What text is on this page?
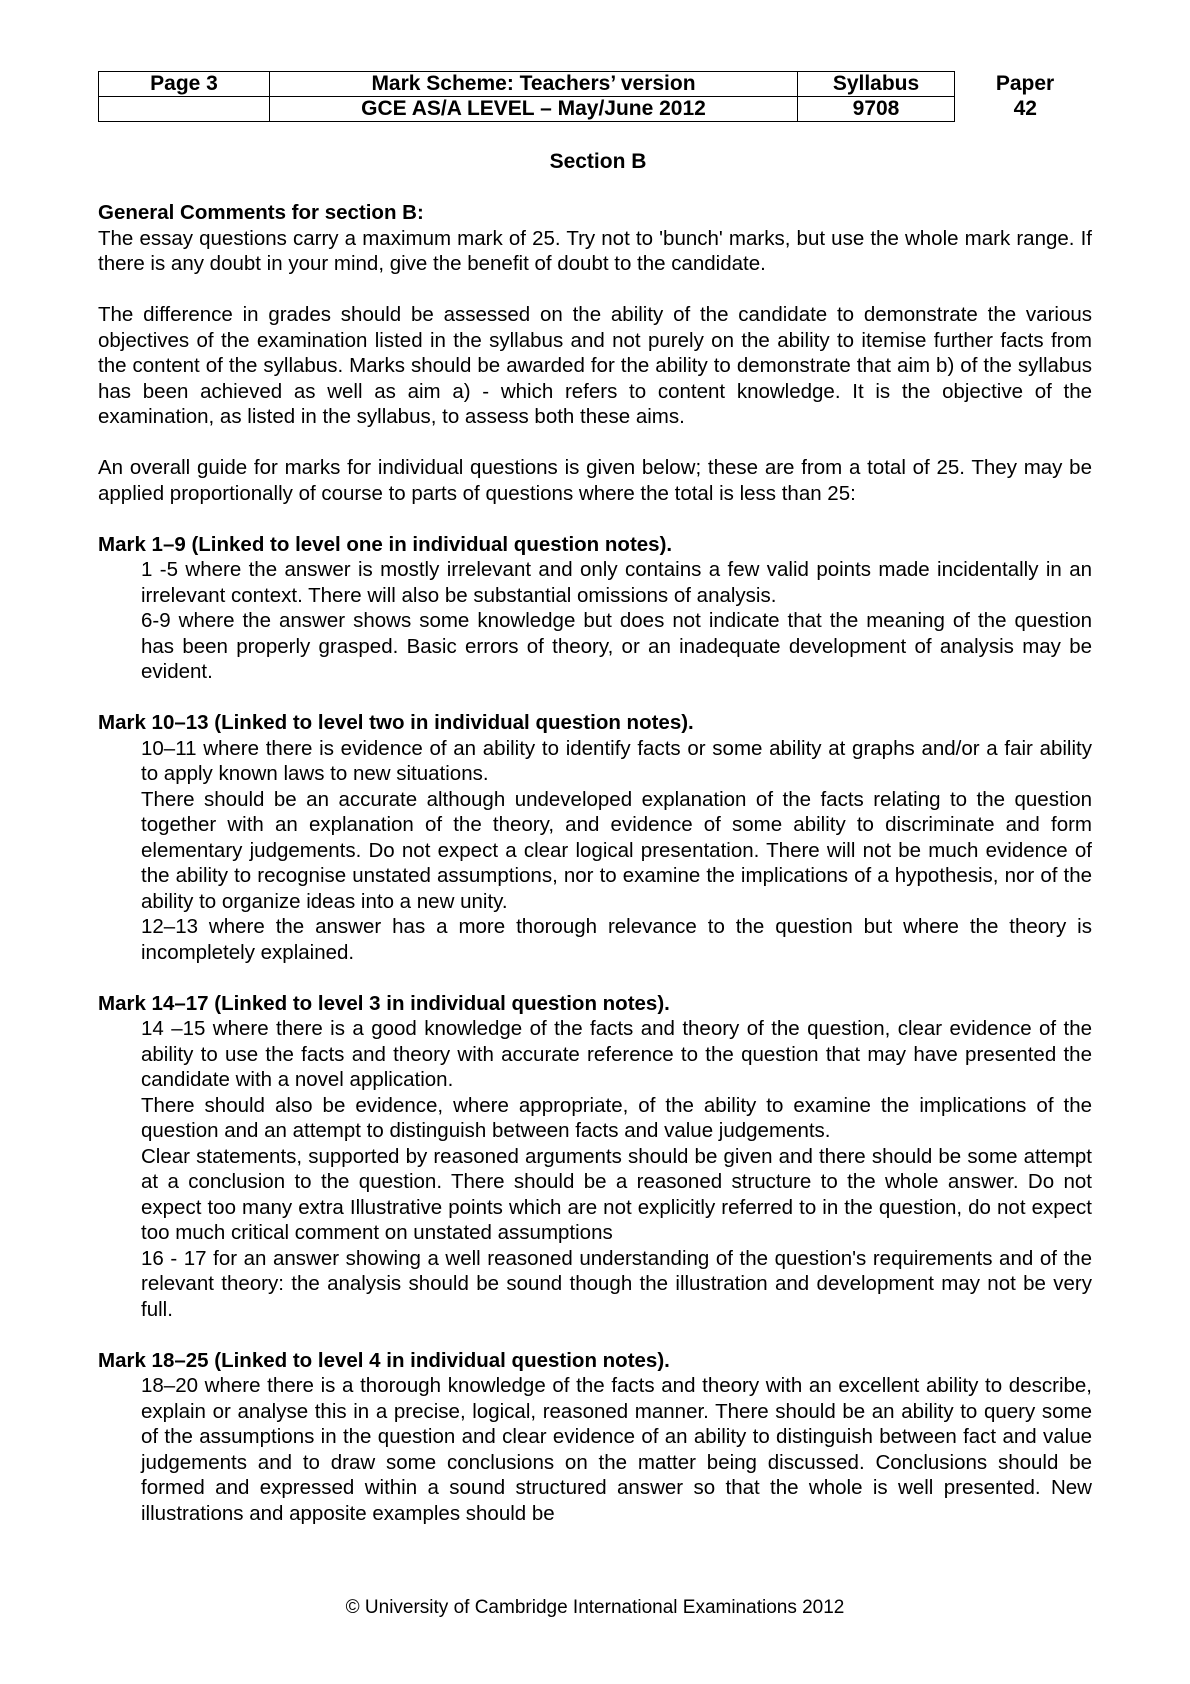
Page 3	Mark Scheme: Teachers’ version	Syllabus	Paper
	GCE AS/A LEVEL – May/June 2012	9708	42
Section B

General Comments for section B:

The essay questions carry a maximum mark of 25. Try not to 'bunch' marks, but use the whole mark range. If there is any doubt in your mind, give the benefit of doubt to the candidate.

The difference in grades should be assessed on the ability of the candidate to demonstrate the various objectives of the examination listed in the syllabus and not purely on the ability to itemise further facts from the content of the syllabus. Marks should be awarded for the ability to demonstrate that aim b) of the syllabus has been achieved as well as aim a) - which refers to content knowledge. It is the objective of the examination, as listed in the syllabus, to assess both these aims.

An overall guide for marks for individual questions is given below; these are from a total of 25. They may be applied proportionally of course to parts of questions where the total is less than 25:

Mark 1–9 (Linked to level one in individual question notes).

1 -5 where the answer is mostly irrelevant and only contains a few valid points made incidentally in an irrelevant context. There will also be substantial omissions of analysis.

6-9 where the answer shows some knowledge but does not indicate that the meaning of the question has been properly grasped. Basic errors of theory, or an inadequate development of analysis may be evident.

Mark 10–13 (Linked to level two in individual question notes).

10–11 where there is evidence of an ability to identify facts or some ability at graphs and/or a fair ability to apply known laws to new situations.

There should be an accurate although undeveloped explanation of the facts relating to the question together with an explanation of the theory, and evidence of some ability to discriminate and form elementary judgements. Do not expect a clear logical presentation. There will not be much evidence of the ability to recognise unstated assumptions, nor to examine the implications of a hypothesis, nor of the ability to organize ideas into a new unity.

12–13 where the answer has a more thorough relevance to the question but where the theory is incompletely explained.

Mark 14–17 (Linked to level 3 in individual question notes).

14 –15 where there is a good knowledge of the facts and theory of the question, clear evidence of the ability to use the facts and theory with accurate reference to the question that may have presented the candidate with a novel application.

There should also be evidence, where appropriate, of the ability to examine the implications of the question and an attempt to distinguish between facts and value judgements.

Clear statements, supported by reasoned arguments should be given and there should be some attempt at a conclusion to the question. There should be a reasoned structure to the whole answer. Do not expect too many extra Illustrative points which are not explicitly referred to in the question, do not expect too much critical comment on unstated assumptions

16 - 17 for an answer showing a well reasoned understanding of the question's requirements and of the relevant theory: the analysis should be sound though the illustration and development may not be very full.

Mark 18–25 (Linked to level 4 in individual question notes).

18–20 where there is a thorough knowledge of the facts and theory with an excellent ability to describe, explain or analyse this in a precise, logical, reasoned manner. There should be an ability to query some of the assumptions in the question and clear evidence of an ability to distinguish between fact and value judgements and to draw some conclusions on the matter being discussed. Conclusions should be formed and expressed within a sound structured answer so that the whole is well presented. New illustrations and apposite examples should be

© University of Cambridge International Examinations 2012
